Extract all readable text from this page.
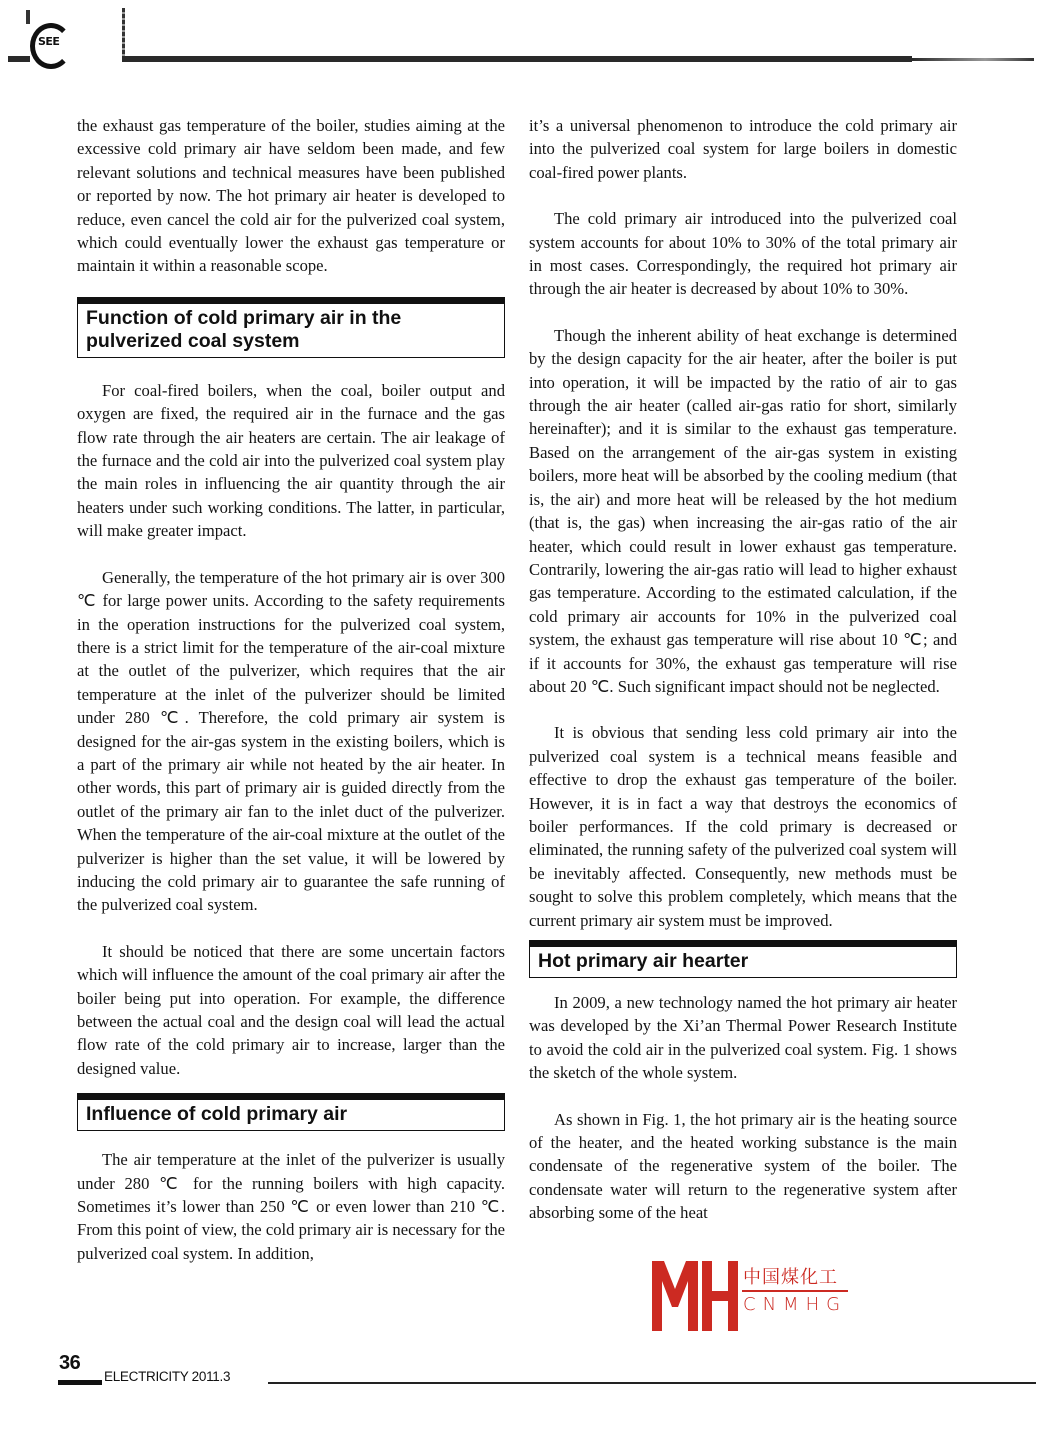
SEE

the exhaust gas temperature of the boiler, studies aiming at the excessive cold primary air have seldom been made, and few relevant solutions and technical measures have been published or reported by now. The hot primary air heater is developed to reduce, even cancel the cold air for the pulverized coal system, which could eventually lower the exhaust gas temperature or maintain it within a reasonable scope.

Function of cold primary air in the pulverized coal system

For coal-fired boilers, when the coal, boiler output and oxygen are fixed, the required air in the furnace and the gas flow rate through the air heaters are certain. The air leakage of the furnace and the cold air into the pulverized coal system play the main roles in influencing the air quantity through the air heaters under such working conditions. The latter, in particular, will make greater impact.

Generally, the temperature of the hot primary air is over 300 ℃ for large power units. According to the safety requirements in the operation instructions for the pulverized coal system, there is a strict limit for the temperature of the air-coal mixture at the outlet of the pulverizer, which requires that the air temperature at the inlet of the pulverizer should be limited under 280 ℃. Therefore, the cold primary air system is designed for the air-gas system in the existing boilers, which is a part of the primary air while not heated by the air heater. In other words, this part of primary air is guided directly from the outlet of the primary air fan to the inlet duct of the pulverizer. When the temperature of the air-coal mixture at the outlet of the pulverizer is higher than the set value, it will be lowered by inducing the cold primary air to guarantee the safe running of the pulverized coal system.

It should be noticed that there are some uncertain factors which will influence the amount of the coal primary air after the boiler being put into operation. For example, the difference between the actual coal and the design coal will lead the actual flow rate of the cold primary air to increase, larger than the designed value.

Influence of cold primary air

The air temperature at the inlet of the pulverizer is usually under 280 ℃ for the running boilers with high capacity. Sometimes it’s lower than 250 ℃ or even lower than 210 ℃. From this point of view, the cold primary air is necessary for the pulverized coal system. In addition,

it’s a universal phenomenon to introduce the cold primary air into the pulverized coal system for large boilers in domestic coal-fired power plants.

The cold primary air introduced into the pulverized coal system accounts for about 10% to 30% of the total primary air in most cases. Correspondingly, the required hot primary air through the air heater is decreased by about 10% to 30%.

Though the inherent ability of heat exchange is determined by the design capacity for the air heater, after the boiler is put into operation, it will be impacted by the ratio of air to gas through the air heater (called air-gas ratio for short, similarly hereinafter); and it is similar to the exhaust gas temperature. Based on the arrangement of the air-gas system in existing boilers, more heat will be absorbed by the cooling medium (that is, the air) and more heat will be released by the hot medium (that is, the gas) when increasing the air-gas ratio of the air heater, which could result in lower exhaust gas temperature. Contrarily, lowering the air-gas ratio will lead to higher exhaust gas temperature. According to the estimated calculation, if the cold primary air accounts for 10% in the pulverized coal system, the exhaust gas temperature will rise about 10 ℃; and if it accounts for 30%, the exhaust gas temperature will rise about 20 ℃. Such significant impact should not be neglected.

It is obvious that sending less cold primary air into the pulverized coal system is a technical means feasible and effective to drop the exhaust gas temperature of the boiler. However, it is in fact a way that destroys the economics of boiler performances. If the cold primary is decreased or eliminated, the running safety of the pulverized coal system will be inevitably affected. Consequently, new methods must be sought to solve this problem completely, which means that the current primary air system must be improved.

Hot primary air hearter

In 2009, a new technology named the hot primary air heater was developed by the Xi’an Thermal Power Research Institute to avoid the cold air in the pulverized coal system. Fig. 1 shows the sketch of the whole system.

As shown in Fig. 1, the hot primary air is the heating source of the heater, and the heated working substance is the main condensate of the regenerative system of the boiler. The condensate water will return to the regenerative system after absorbing some of the heat

中国煤化工
CNMHG
36
ELECTRICITY 2011.3
